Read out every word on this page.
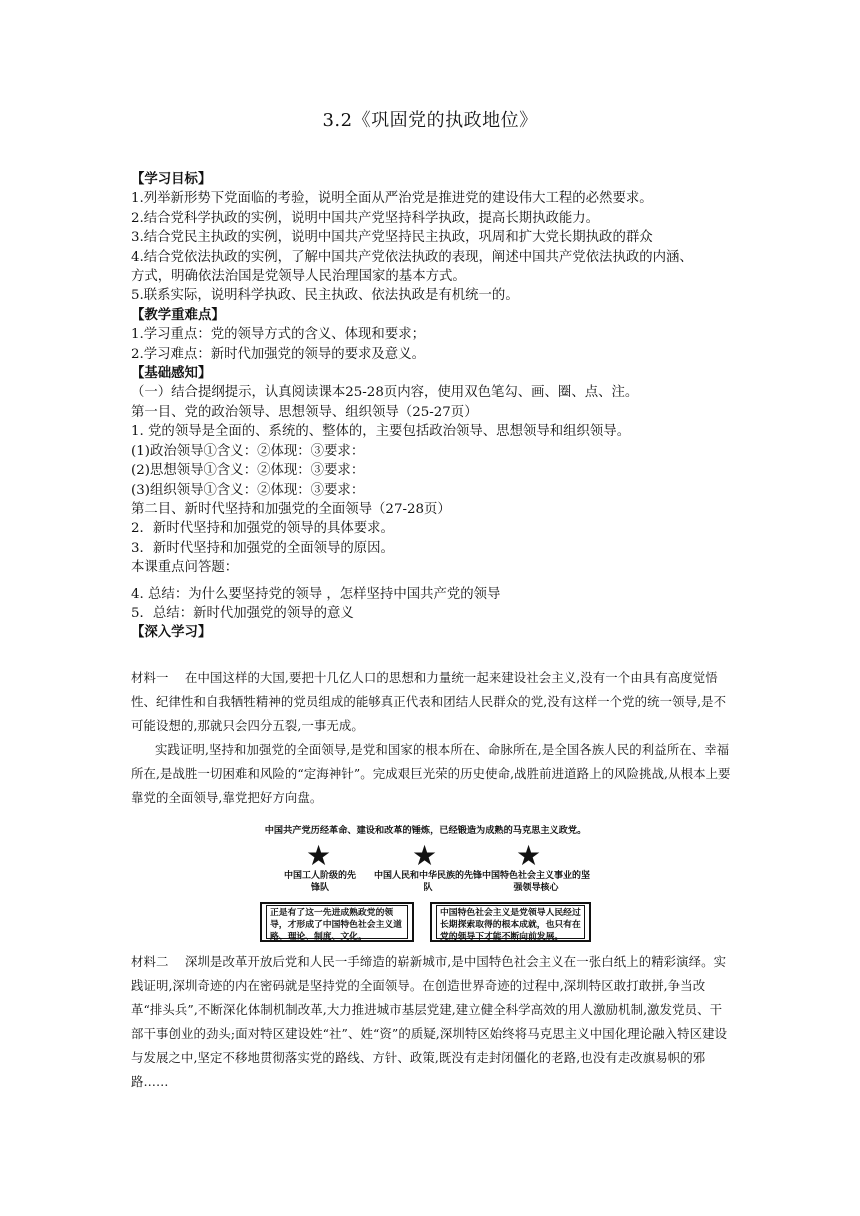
3.2《巩固党的执政地位》

【学习目标】

1.列举新形势下党面临的考验，说明全面从严治党是推进党的建设伟大工程的必然要求。

2.结合党科学执政的实例，说明中国共产党坚持科学执政，提高长期执政能力。

3.结合党民主执政的实例，说明中国共产党坚持民主执政，巩周和扩大党长期执政的群众

4.结合党依法执政的实例，了解中国共产党依法执政的表现，阐述中国共产党依法执政的内涵、

方式，明确依法治国是党领导人民治理国家的基本方式。

5.联系实际，说明科学执政、民主执政、依法执政是有机统一的。

【教学重难点】

1.学习重点：党的领导方式的含义、体现和要求；

2.学习难点：新时代加强党的领导的要求及意义。

【基础感知】

（一）结合提纲提示，认真阅读课本25-28页内容，使用双色笔勾、画、圈、点、注。

第一目、党的政治领导、思想领导、组织领导（25-27页）

1. 党的领导是全面的、系统的、整体的，主要包括政治领导、思想领导和组织领导。

(1)政治领导①含义：②体现：③要求：

(2)思想领导①含义：②体现：③要求：

(3)组织领导①含义：②体现：③要求：

第二目、新时代坚持和加强党的全面领导（27-28页）

2．新时代坚持和加强党的领导的具体要求。

3．新时代坚持和加强党的全面领导的原因。

本课重点问答题：

4. 总结：为什么要坚持党的领导 ，怎样坚持中国共产党的领导

5．总结：新时代加强党的领导的意义

【深入学习】

材料一　 在中国这样的大国,要把十几亿人口的思想和力量统一起来建设社会主义,没有一个由具有高度觉悟性、纪律性和自我牺牲精神的党员组成的能够真正代表和团结人民群众的党,没有这样一个党的统一领导,是不可能设想的,那就只会四分五裂,一事无成。

实践证明,坚持和加强党的全面领导,是党和国家的根本所在、命脉所在,是全国各族人民的利益所在、幸福所在,是战胜一切困难和风险的“定海神针”。完成艰巨光荣的历史使命,战胜前进道路上的风险挑战,从根本上要靠党的全面领导,靠党把好方向盘。

中国共产党历经革命、建设和改革的锤炼，已经锻造为成熟的马克思主义政党。
★	★	★
中国工人阶级的先锋队
中国人民和中华民族的先锋队
中国特色社会主义事业的坚强领导核心
正是有了这一先进成熟政党的领导，才形成了中国特色社会主义道路、理论、制度、文化。
中国特色社会主义是党领导人民经过长期探索取得的根本成就，也只有在党的领导下才能不断向前发展。

材料二　 深圳是改革开放后党和人民一手缔造的崭新城市,是中国特色社会主义在一张白纸上的精彩演绎。实践证明,深圳奇迹的内在密码就是坚持党的全面领导。在创造世界奇迹的过程中,深圳特区敢打敢拼,争当改革“排头兵”,不断深化体制机制改革,大力推进城市基层党建,建立健全科学高效的用人激励机制,激发党员、干部干事创业的劲头;面对特区建设姓“社”、姓“资”的质疑,深圳特区始终将马克思主义中国化理论融入特区建设与发展之中,坚定不移地贯彻落实党的路线、方针、政策,既没有走封闭僵化的老路,也没有走改旗易帜的邪路……
